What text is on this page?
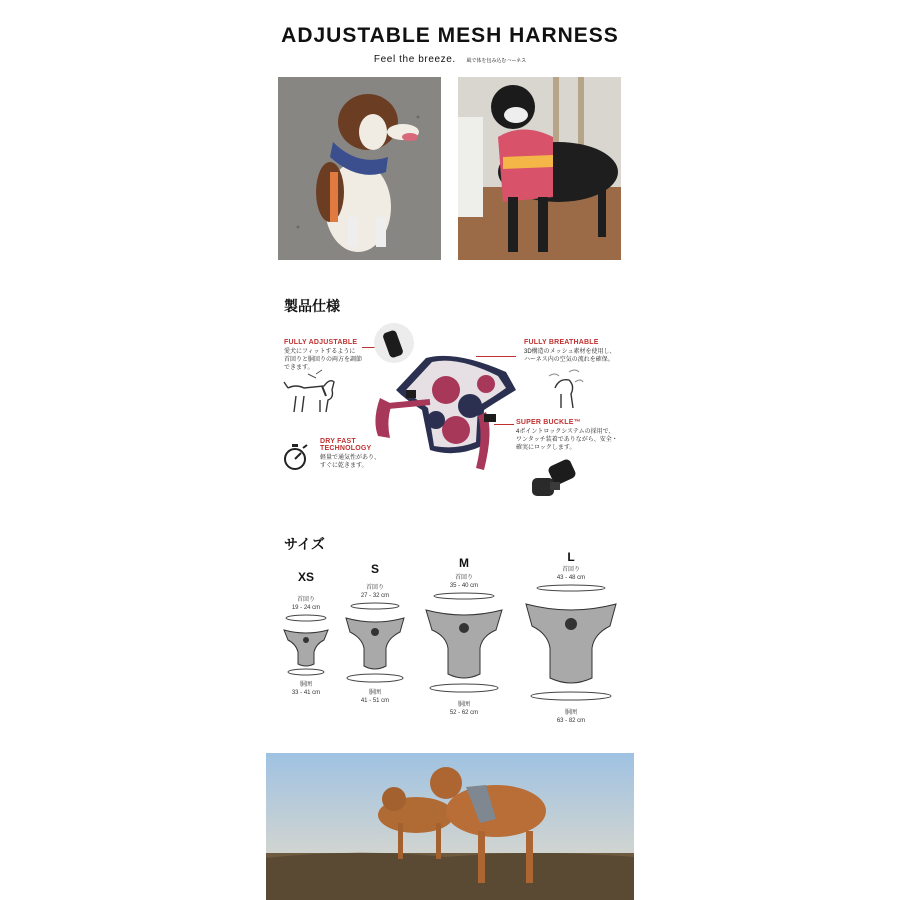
ADJUSTABLE MESH HARNESS
Feel the breeze. 風で体を包み込むハーネス
製品仕様
FULLY ADJUSTABLE
愛犬にフィットするように
首回りと胴回りの両方を調節
できます。
FULLY BREATHABLE
3D構造のメッシュ素材を使用し、
ハーネス内の空気の流れを確保。
SUPER BUCKLE™
4ポイントロックシステムの採用で、
ワンタッチ装着でありながら、安全・
確実にロックします。
DRY FAST
TECHNOLOGY
軽量で通気性があり、
すぐに乾きます。
サイズ
XS
首回り
19 - 24 cm
胴囲
33 - 41 cm
S
首回り
27 - 32 cm
胴囲
41 - 51 cm
M
首回り
35 - 40 cm
胴囲
52 - 62 cm
L
首回り
43 - 48 cm
胴囲
63 - 82 cm
